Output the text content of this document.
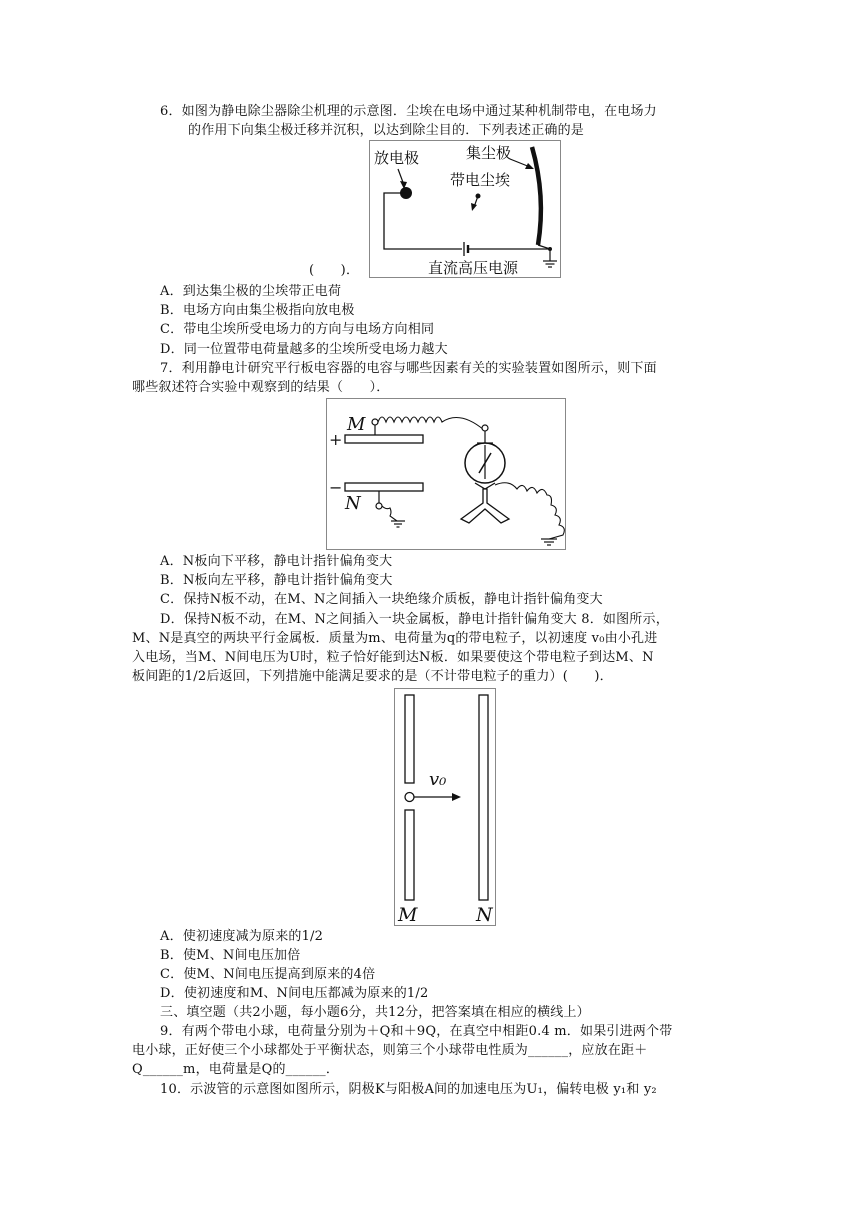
6．如图为静电除尘器除尘机理的示意图．尘埃在电场中通过某种机制带电，在电场力
的作用下向集尘极迁移并沉积，以达到除尘目的．下列表述正确的是
放电极	集尘极
带电尘埃
直流高压电源
(　　)．
A．到达集尘极的尘埃带正电荷
B．电场方向由集尘极指向放电极
C．带电尘埃所受电场力的方向与电场方向相同
D．同一位置带电荷量越多的尘埃所受电场力越大
7．利用静电计研究平行板电容器的电容与哪些因素有关的实验装置如图所示，则下面
哪些叙述符合实验中观察到的结果（　　）．
M
+
−
N
A．N板向下平移，静电计指针偏角变大
B．N板向左平移，静电计指针偏角变大
C．保持N板不动，在M、N之间插入一块绝缘介质板，静电计指针偏角变大
D．保持N板不动，在M、N之间插入一块金属板，静电计指针偏角变大 8．如图所示，
M、N是真空的两块平行金属板．质量为m、电荷量为q的带电粒子，以初速度 v₀由小孔进
入电场，当M、N间电压为U时，粒子恰好能到达N板．如果要使这个带电粒子到达M、N
板间距的1/2后返回，下列措施中能满足要求的是（不计带电粒子的重力）(　　)．
v₀
M	N
A．使初速度减为原来的1/2
B．使M、N间电压加倍
C．使M、N间电压提高到原来的4倍
D．使初速度和M、N间电压都减为原来的1/2
三、填空题（共2小题，每小题6分，共12分，把答案填在相应的横线上）
9．有两个带电小球，电荷量分别为＋Q和＋9Q，在真空中相距0.4 m．如果引进两个带
电小球，正好使三个小球都处于平衡状态，则第三个小球带电性质为______，应放在距＋
Q______m，电荷量是Q的______．
10．示波管的示意图如图所示，阴极K与阳极A间的加速电压为U₁，偏转电极 y₁和 y₂
